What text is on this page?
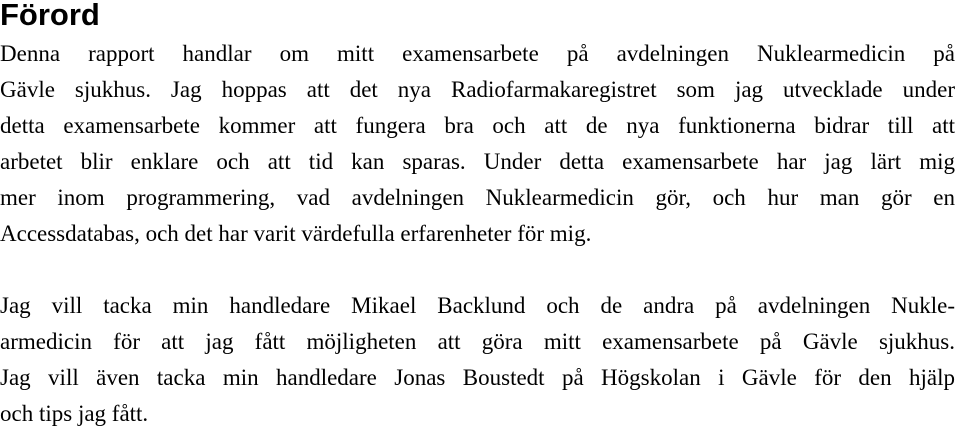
Förord
Denna rapport handlar om mitt examensarbete på avdelningen Nuklearmedicin på
Gävle sjukhus. Jag hoppas att det nya Radiofarmakaregistret som jag utvecklade under
detta examensarbete kommer att fungera bra och att de nya funktionerna bidrar till att
arbetet blir enklare och att tid kan sparas. Under detta examensarbete har jag lärt mig
mer inom programmering, vad avdelningen Nuklearmedicin gör, och hur man gör en
Accessdatabas, och det har varit värdefulla erfarenheter för mig.
Jag vill tacka min handledare Mikael Backlund och de andra på avdelningen Nukle-
armedicin för att jag fått möjligheten att göra mitt examensarbete på Gävle sjukhus.
Jag vill även tacka min handledare Jonas Boustedt på Högskolan i Gävle för den hjälp
och tips jag fått.
